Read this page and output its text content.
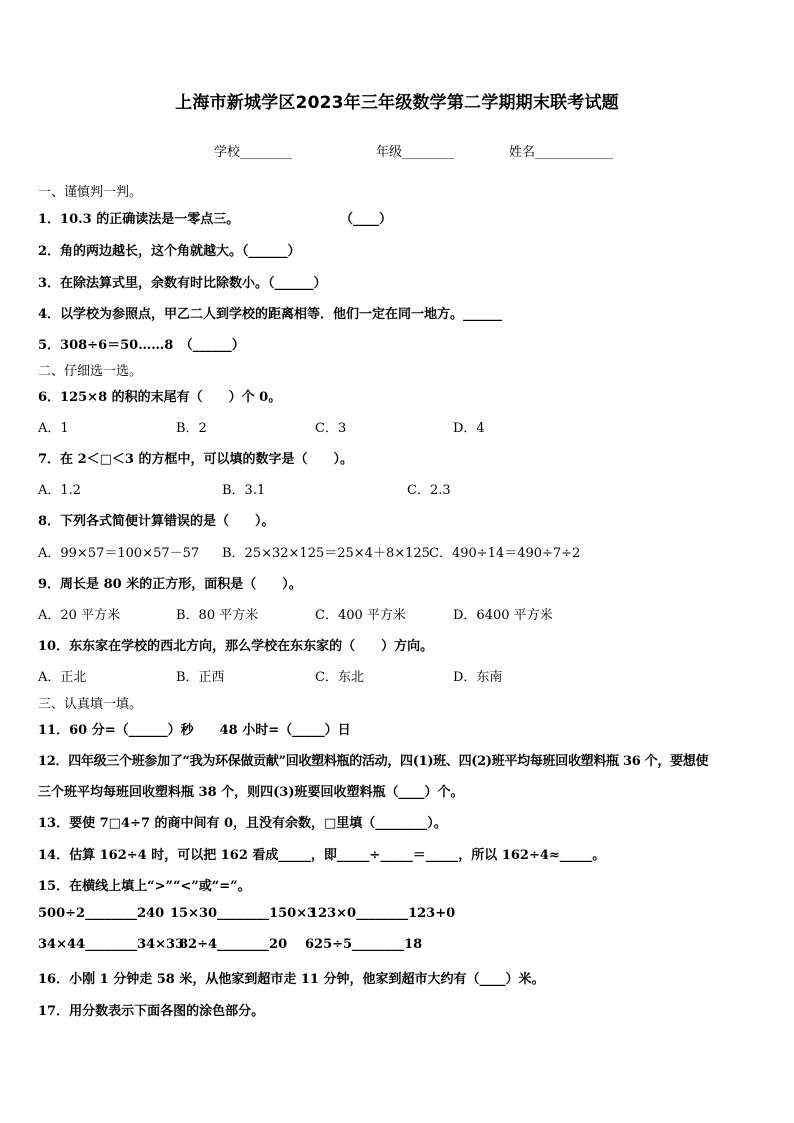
上海市新城学区2023年三年级数学第二学期期末联考试题
学校________	年级________	姓名____________
一、谨慎判一判。
1．10.3 的正确读法是一零点三。	（____）
2．角的两边越长，这个角就越大。（______）
3．在除法算式里，余数有时比除数小。（______）
4．以学校为参照点，甲乙二人到学校的距离相等．他们一定在同一地方。______
5．308÷6＝50……8　（______）
二、仔细选一选。
6．125×8 的积的末尾有（　　）个 0。
A．1	B．2	C．3	D．4
7．在 2＜□＜3 的方框中，可以填的数字是（　　）。
A．1.2	B．3.1	C．2.3
8．下列各式简便计算错误的是（　　）。
A．99×57＝100×57－57 B．25×32×125＝25×4＋8×125 C．490÷14＝490÷7÷2
9．周长是 80 米的正方形，面积是（　　）。
A．20 平方米	B．80 平方米	C．400 平方米	D．6400 平方米
10．东东家在学校的西北方向，那么学校在东东家的（　　）方向。
A．正北	B．正西	C．东北	D．东南
三、认真填一填。
11．60 分=（______）秒　　48 小时=（_____）日
12．四年级三个班参加了“我为环保做贡献”回收塑料瓶的活动，四(1)班、四(2)班平均每班回收塑料瓶 36 个，要想使
三个班平均每班回收塑料瓶 38 个，则四(3)班要回收塑料瓶（____）个。
13．要使 7□4÷7 的商中间有 0，且没有余数，□里填（________）。
14．估算 162÷4 时，可以把 162 看成_____，即_____÷_____＝_____，所以 162÷4≈_____。
15．在横线上填上“>”“<”或“=”。
500÷2________240 15×30________150×3
123×0________123+0
34×44________34×33
82÷4________20 625÷5________18
16．小刚 1 分钟走 58 米，从他家到超市走 11 分钟，他家到超市大约有（____）米。
17．用分数表示下面各图的涂色部分。
